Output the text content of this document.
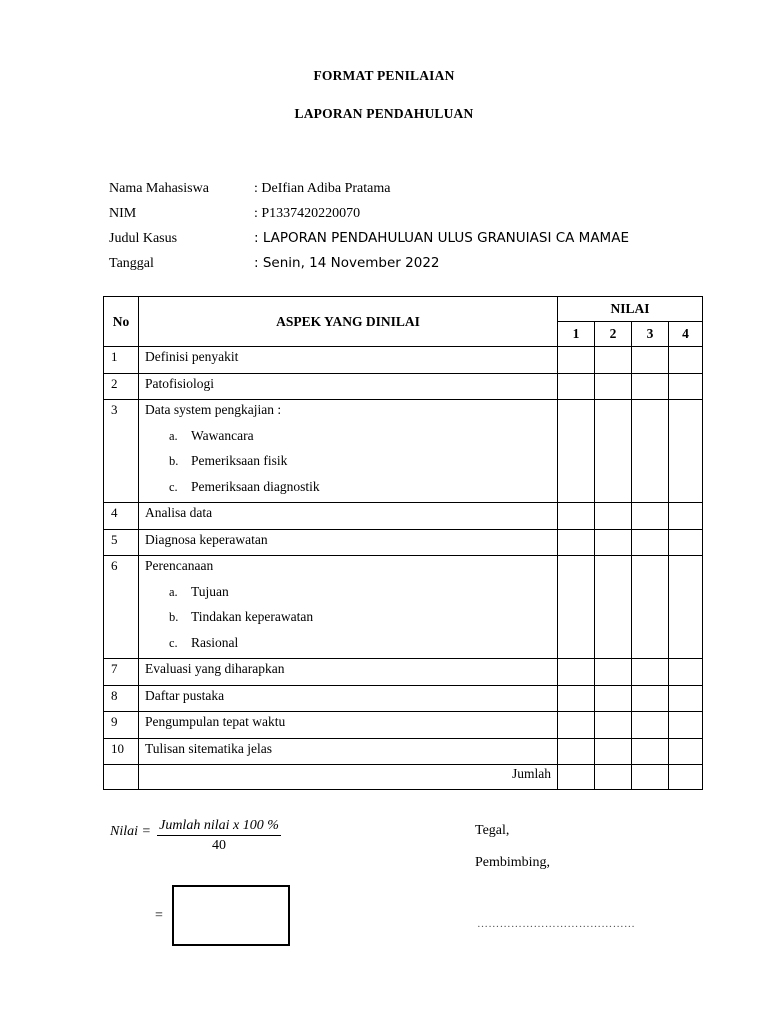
FORMAT PENILAIAN
LAPORAN PENDAHULUAN
Nama Mahasiswa	: DeIfian Adiba Pratama
NIM	: P1337420220070
Judul Kasus	: LAPORAN PENDAHULUAN ULUS GRANUIASI CA MAMAE
Tanggal	: Senin, 14 November 2022
No	ASPEK YANG DINILAI	NILAI			
		1	2	3	4
1	Definisi penyakit				
2	Patofisiologi				

3	Data system pengkajian :
a. Wawancara
b. Pemeriksaan fisik
c. Pemeriksaan diagnostik				

4	Analisa data				
5	Diagnosa keperawatan				

6	Perencanaan
a. Tujuan
b. Tindakan keperawatan
c. Rasional				

7	Evaluasi yang diharapkan				
8	Daftar pustaka				
9	Pengumpulan tepat waktu				
10	Tulisan sitematika jelas				
	Jumlah				
Nilai = Jumlah nilai x 100 %
40
=
Tegal,
Pembimbing,
……………………………………
